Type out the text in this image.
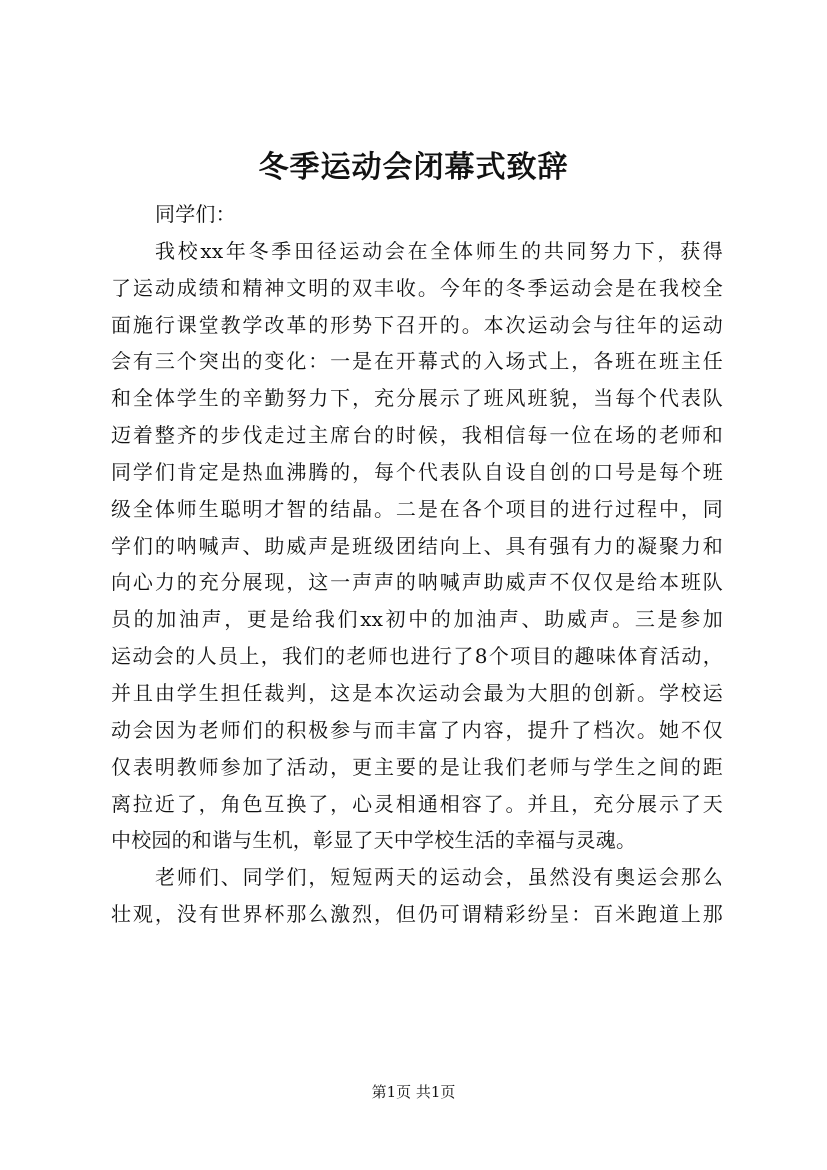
冬季运动会闭幕式致辞
同学们：
我校xx年冬季田径运动会在全体师生的共同努力下，获得
了运动成绩和精神文明的双丰收。今年的冬季运动会是在我校全
面施行课堂教学改革的形势下召开的。本次运动会与往年的运动
会有三个突出的变化：一是在开幕式的入场式上，各班在班主任
和全体学生的辛勤努力下，充分展示了班风班貌，当每个代表队
迈着整齐的步伐走过主席台的时候，我相信每一位在场的老师和
同学们肯定是热血沸腾的，每个代表队自设自创的口号是每个班
级全体师生聪明才智的结晶。二是在各个项目的进行过程中，同
学们的呐喊声、助威声是班级团结向上、具有强有力的凝聚力和
向心力的充分展现，这一声声的呐喊声助威声不仅仅是给本班队
员的加油声，更是给我们xx初中的加油声、助威声。三是参加
运动会的人员上，我们的老师也进行了8个项目的趣味体育活动，
并且由学生担任裁判，这是本次运动会最为大胆的创新。学校运
动会因为老师们的积极参与而丰富了内容，提升了档次。她不仅
仅表明教师参加了活动，更主要的是让我们老师与学生之间的距
离拉近了，角色互换了，心灵相通相容了。并且，充分展示了天
中校园的和谐与生机，彰显了天中学校生活的幸福与灵魂。
老师们、同学们，短短两天的运动会，虽然没有奥运会那么
壮观，没有世界杯那么激烈，但仍可谓精彩纷呈：百米跑道上那
第1页 共1页
